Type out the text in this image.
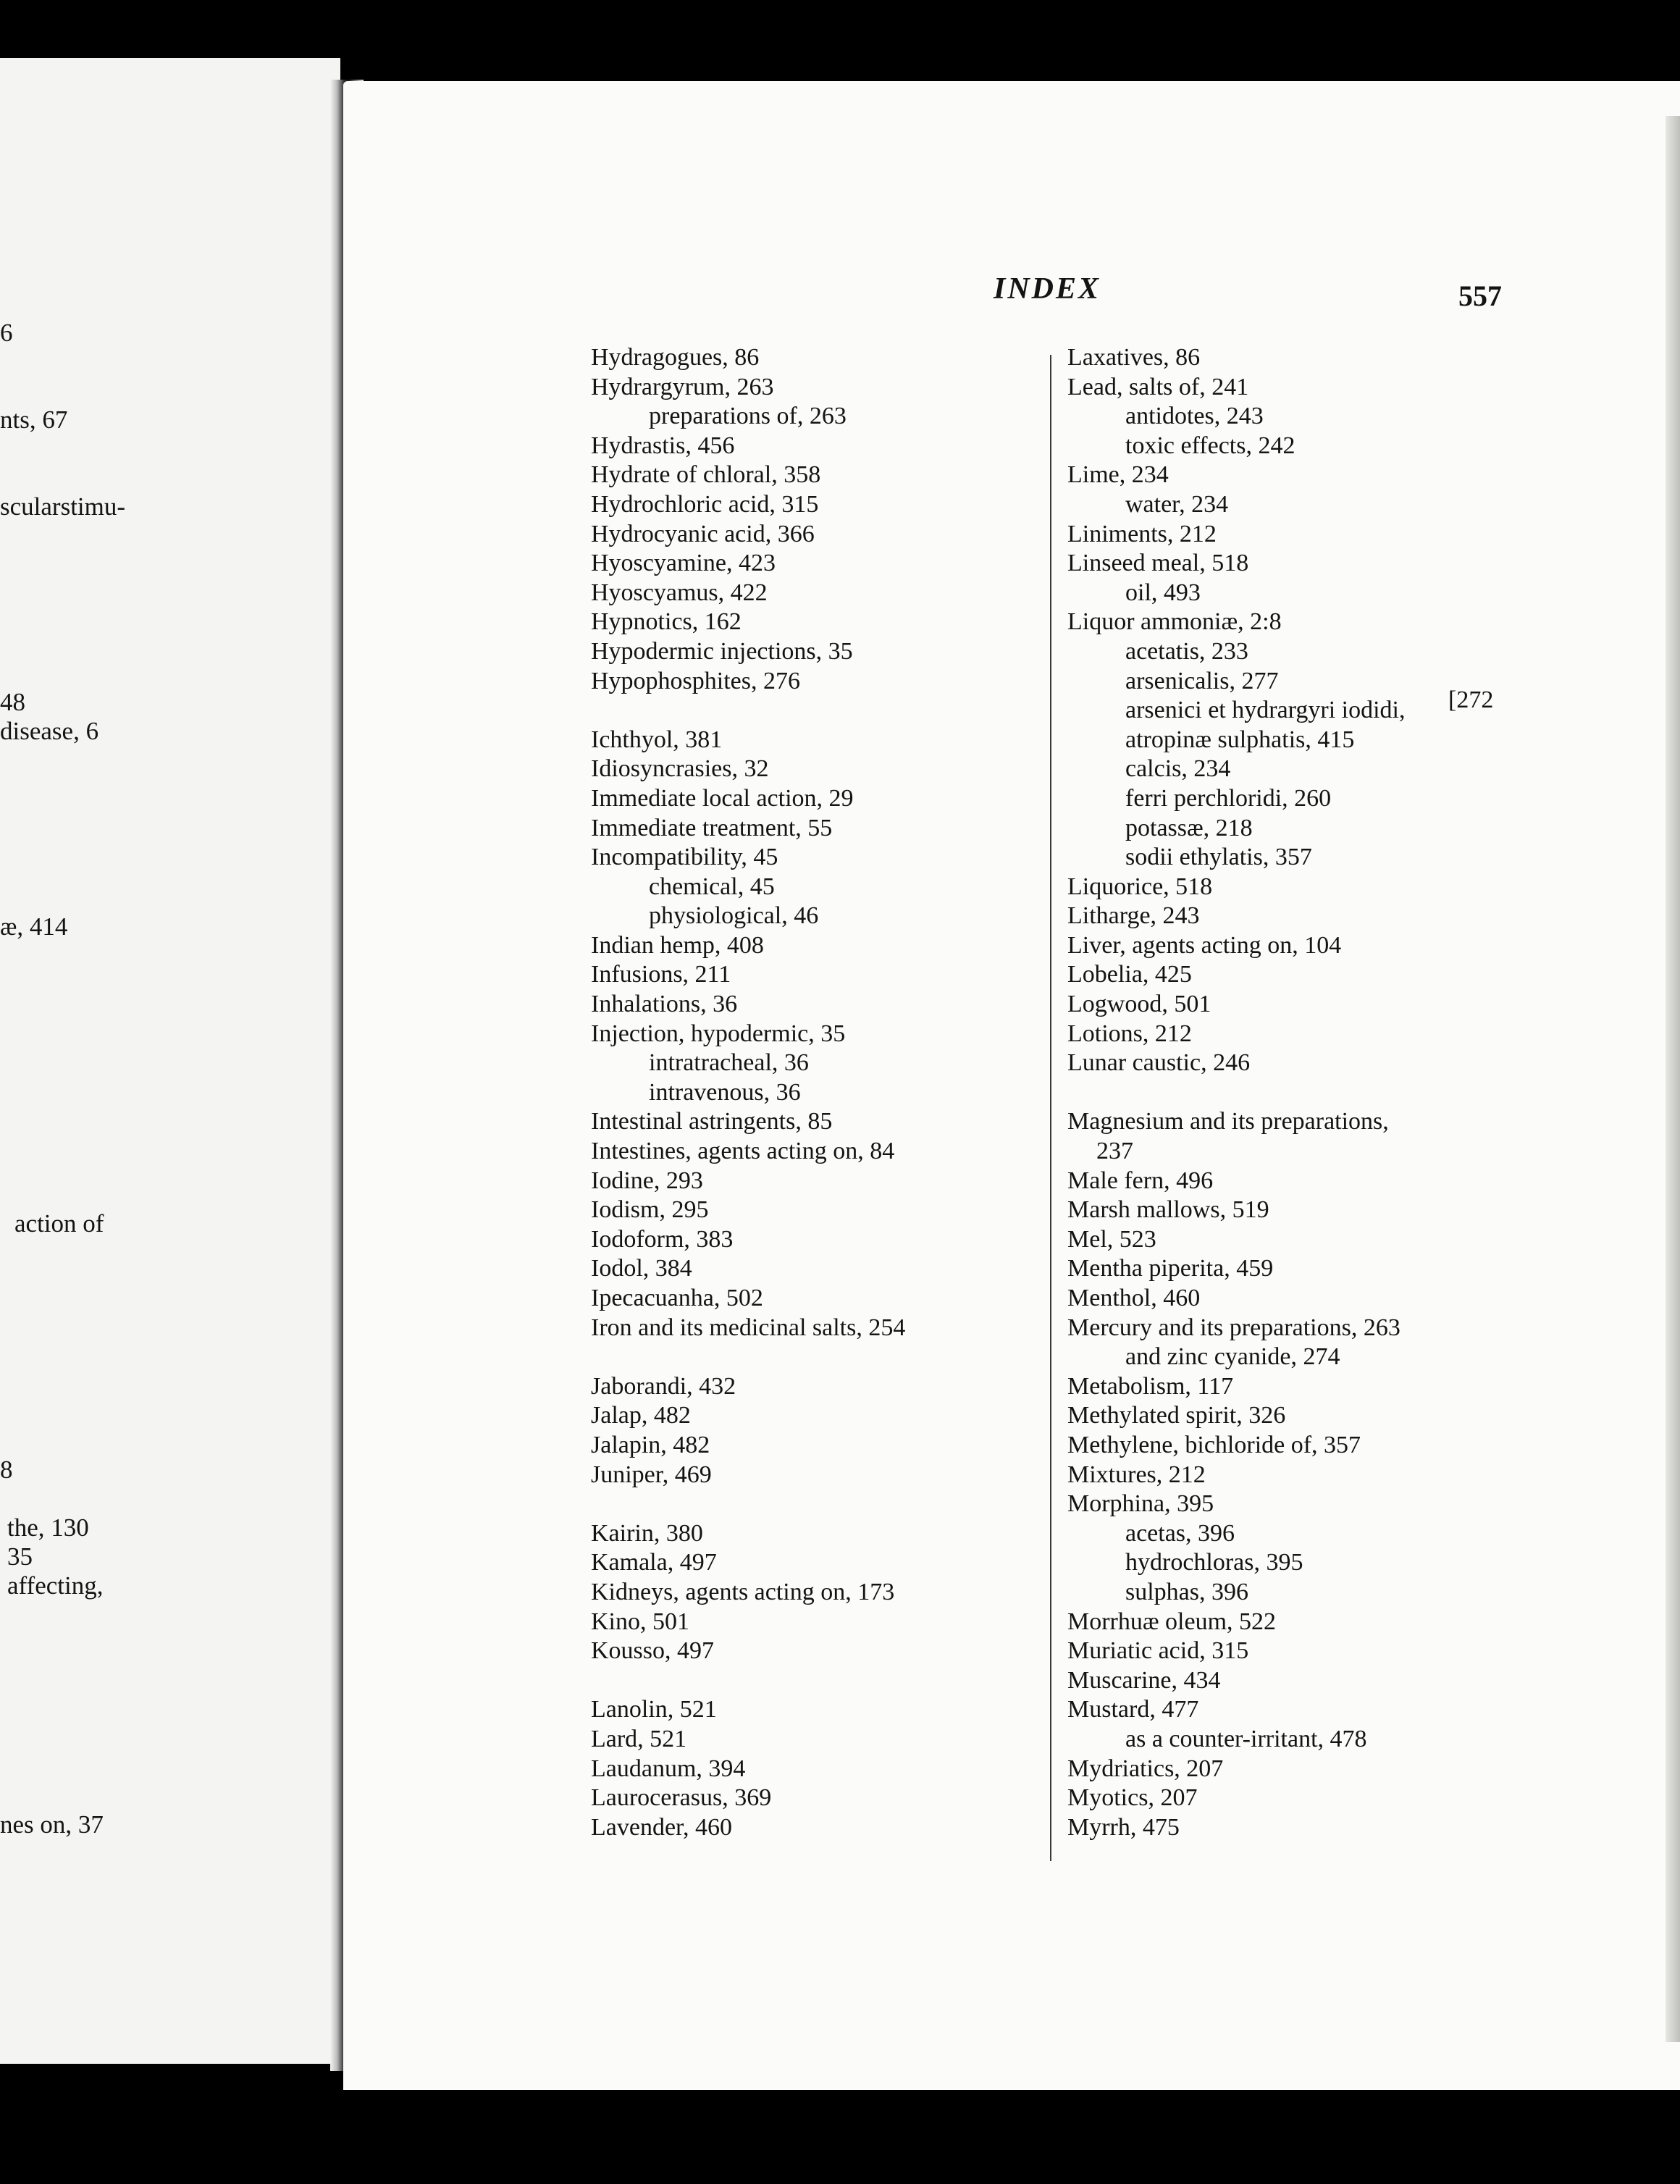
6
nts, 67
scularstimu-
48
disease, 6
æ, 414
action of
8
the, 130
35
affecting,
nes on, 37
INDEX	557
Hydragogues, 86
Hydrargyrum, 263
preparations of, 263
Hydrastis, 456
Hydrate of chloral, 358
Hydrochloric acid, 315
Hydrocyanic acid, 366
Hyoscyamine, 423
Hyoscyamus, 422
Hypnotics, 162
Hypodermic injections, 35
Hypophosphites, 276
Ichthyol, 381
Idiosyncrasies, 32
Immediate local action, 29
Immediate treatment, 55
Incompatibility, 45
chemical, 45
physiological, 46
Indian hemp, 408
Infusions, 211
Inhalations, 36
Injection, hypodermic, 35
intratracheal, 36
intravenous, 36
Intestinal astringents, 85
Intestines, agents acting on, 84
Iodine, 293
Iodism, 295
Iodoform, 383
Iodol, 384
Ipecacuanha, 502
Iron and its medicinal salts, 254
Jaborandi, 432
Jalap, 482
Jalapin, 482
Juniper, 469
Kairin, 380
Kamala, 497
Kidneys, agents acting on, 173
Kino, 501
Kousso, 497
Lanolin, 521
Lard, 521
Laudanum, 394
Laurocerasus, 369
Lavender, 460
Laxatives, 86
Lead, salts of, 241
antidotes, 243
toxic effects, 242
Lime, 234
water, 234
Liniments, 212
Linseed meal, 518
oil, 493
Liquor ammoniæ, 2:8
acetatis, 233
arsenicalis, 277
arsenici et hydrargyri iodidi,
atropinæ sulphatis, 415
calcis, 234
ferri perchloridi, 260
potassæ, 218
sodii ethylatis, 357
Liquorice, 518
Litharge, 243
Liver, agents acting on, 104
Lobelia, 425
Logwood, 501
Lotions, 212
Lunar caustic, 246
Magnesium and its preparations,
237
Male fern, 496
Marsh mallows, 519
Mel, 523
Mentha piperita, 459
Menthol, 460
Mercury and its preparations, 263
and zinc cyanide, 274
Metabolism, 117
Methylated spirit, 326
Methylene, bichloride of, 357
Mixtures, 212
Morphina, 395
acetas, 396
hydrochloras, 395
sulphas, 396
Morrhuæ oleum, 522
Muriatic acid, 315
Muscarine, 434
Mustard, 477
as a counter-irritant, 478
Mydriatics, 207
Myotics, 207
Myrrh, 475
[272
